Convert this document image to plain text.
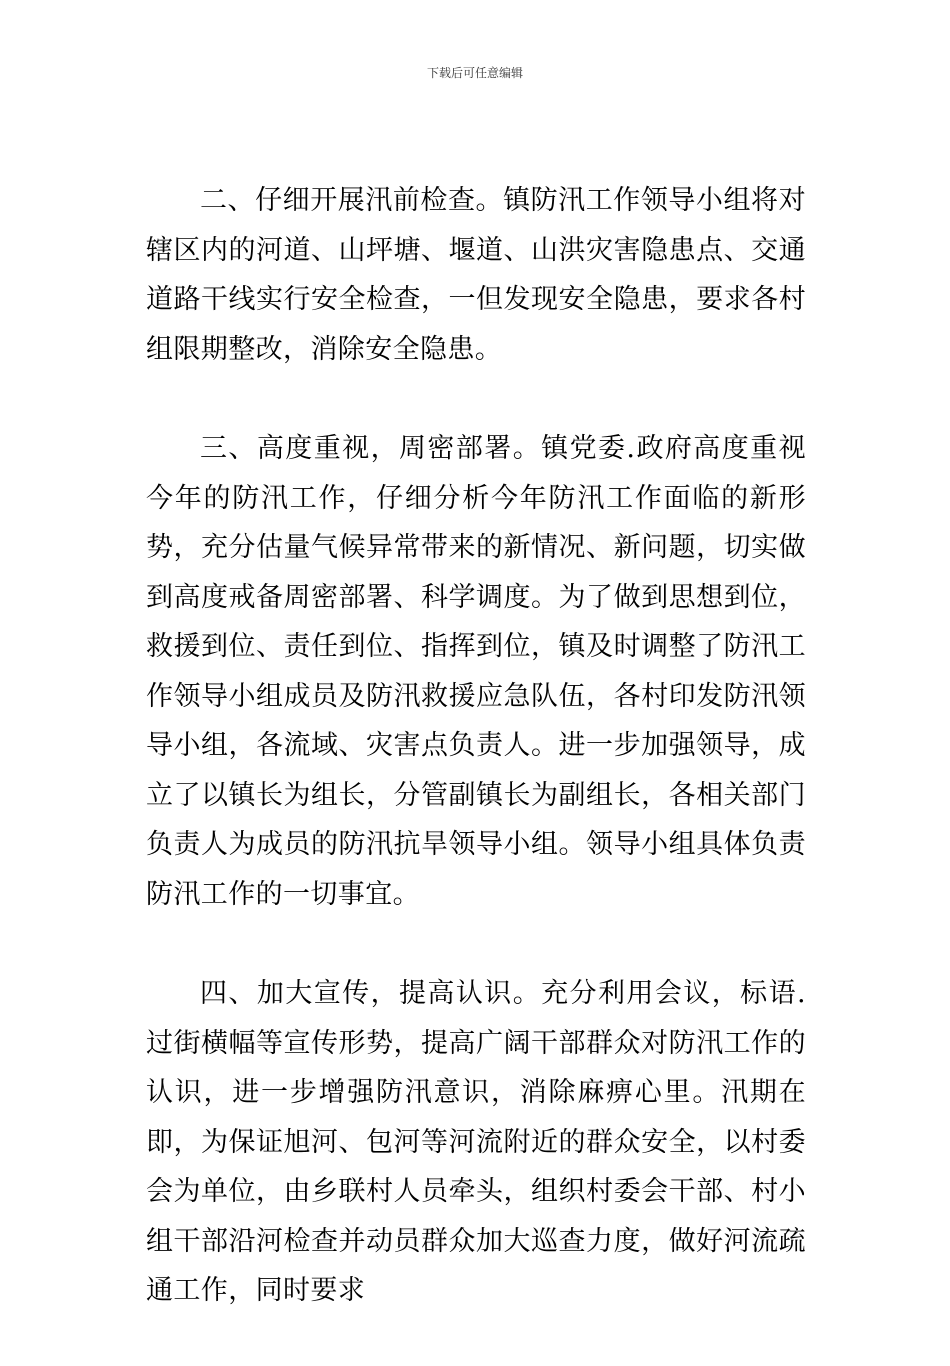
下载后可任意编辑

二、仔细开展汛前检查。镇防汛工作领导小组将对辖区内的河道、山坪塘、堰道、山洪灾害隐患点、交通道路干线实行安全检查，一但发现安全隐患，要求各村组限期整改，消除安全隐患。

三、高度重视，周密部署。镇党委.政府高度重视今年的防汛工作，仔细分析今年防汛工作面临的新形势，充分估量气候异常带来的新情况、新问题，切实做到高度戒备周密部署、科学调度。为了做到思想到位，救援到位、责任到位、指挥到位，镇及时调整了防汛工作领导小组成员及防汛救援应急队伍，各村印发防汛领导小组，各流域、灾害点负责人。进一步加强领导，成立了以镇长为组长，分管副镇长为副组长，各相关部门负责人为成员的防汛抗旱领导小组。领导小组具体负责防汛工作的一切事宜。

四、加大宣传，提高认识。充分利用会议，标语.过街横幅等宣传形势，提高广阔干部群众对防汛工作的认识，进一步增强防汛意识，消除麻痹心里。汛期在即，为保证旭河、包河等河流附近的群众安全，以村委会为单位，由乡联村人员牵头，组织村委会干部、村小组干部沿河检查并动员群众加大巡查力度，做好河流疏通工作，同时要求
